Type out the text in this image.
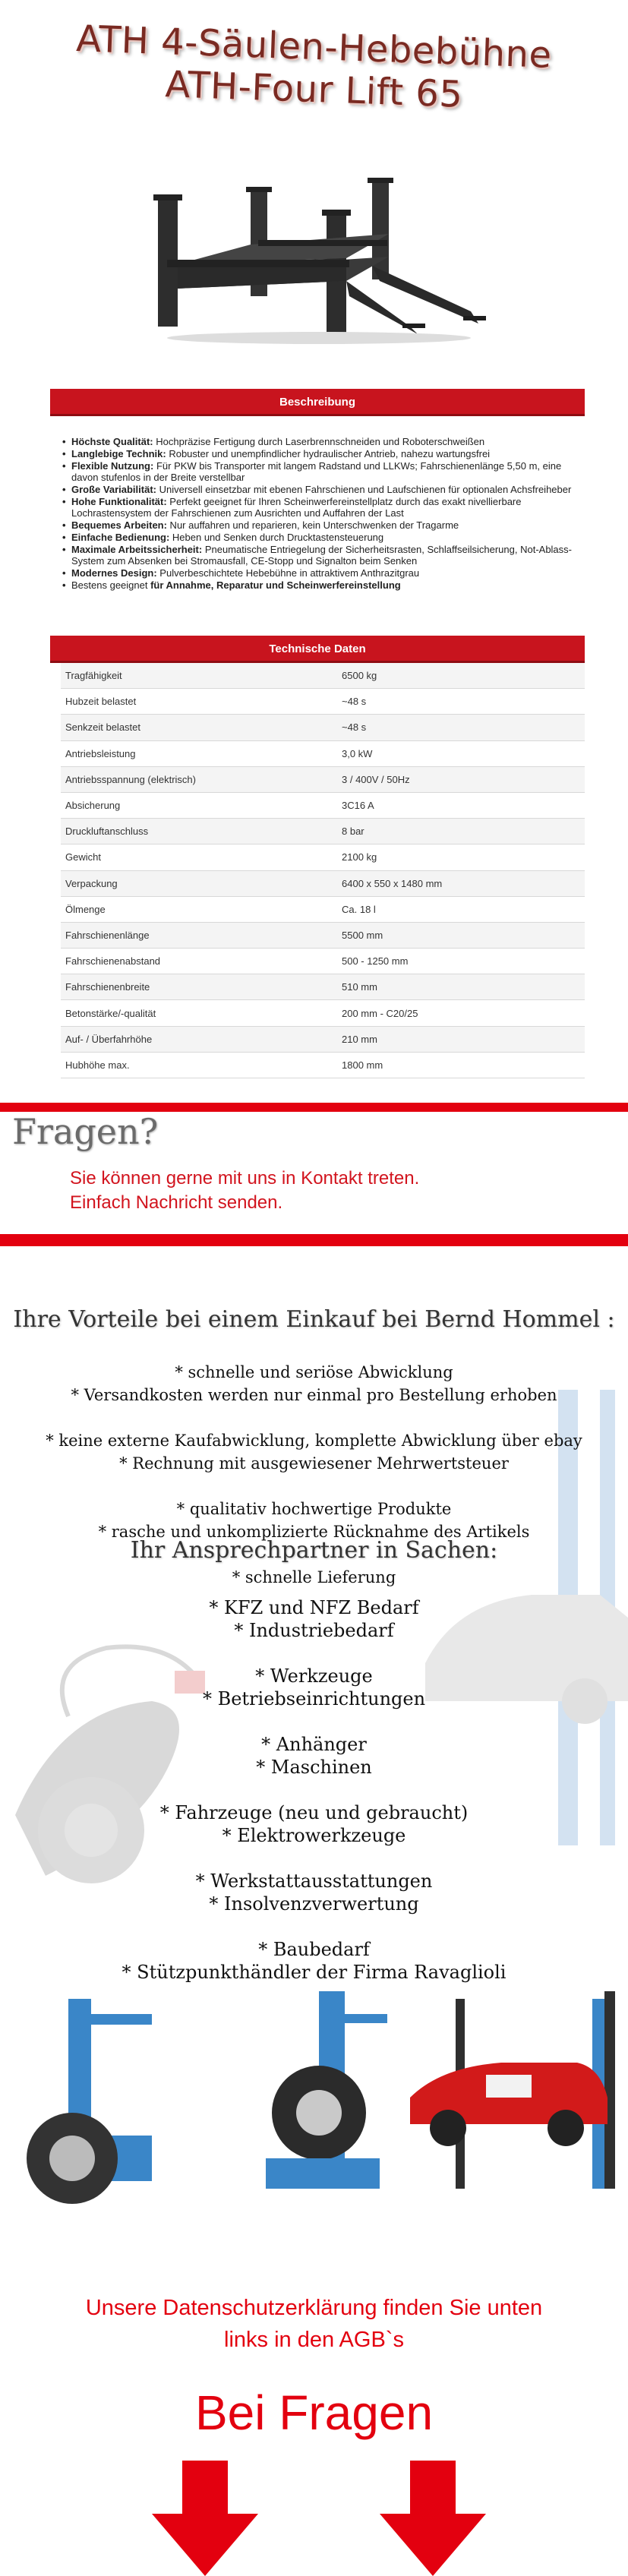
ATH 4-Säulen-Hebebühne
ATH-Four Lift 65
Beschreibung
• Höchste Qualität: Hochpräzise Fertigung durch Laserbrennschneiden und Roboterschweißen
• Langlebige Technik: Robuster und unempfindlicher hydraulischer Antrieb, nahezu wartungsfrei
• Flexible Nutzung: Für PKW bis Transporter mit langem Radstand und LLKWs; Fahrschienenlänge 5,50 m, eine davon stufenlos in der Breite verstellbar
• Große Variabilität: Universell einsetzbar mit ebenen Fahrschienen und Laufschienen für optionalen Achsfreiheber
• Hohe Funktionalität: Perfekt geeignet für Ihren Scheinwerfereinstellplatz durch das exakt nivellierbare Lochrastensystem der Fahrschienen zum Ausrichten und Auffahren der Last
• Bequemes Arbeiten: Nur auffahren und reparieren, kein Unterschwenken der Tragarme
• Einfache Bedienung: Heben und Senken durch Drucktastensteuerung
• Maximale Arbeitssicherheit: Pneumatische Entriegelung der Sicherheitsrasten, Schlaffseilsicherung, Not-Ablass-System zum Absenken bei Stromausfall, CE-Stopp und Signalton beim Senken
• Modernes Design: Pulverbeschichtete Hebebühne in attraktivem Anthrazitgrau
• Bestens geeignet für Annahme, Reparatur und Scheinwerfereinstellung
Technische Daten
Tragfähigkeit	6500 kg
Hubzeit belastet	~48 s
Senkzeit belastet	~48 s
Antriebsleistung	3,0 kW
Antriebsspannung (elektrisch)	3 / 400V / 50Hz
Absicherung	3C16 A
Druckluftanschluss	8 bar
Gewicht	2100 kg
Verpackung	6400 x 550 x 1480 mm
Ölmenge	Ca. 18 l
Fahrschienenlänge	5500 mm
Fahrschienenabstand	500 - 1250 mm
Fahrschienenbreite	510 mm
Betonstärke/-qualität	200 mm - C20/25
Auf- / Überfahrhöhe	210 mm
Hubhöhe max.	1800 mm
Fragen?
Sie können gerne mit uns in Kontakt treten.
Einfach Nachricht senden.
Ihre Vorteile bei einem Einkauf bei Bernd Hommel :
* schnelle und seriöse Abwicklung
* Versandkosten werden nur einmal pro Bestellung erhoben
* keine externe Kaufabwicklung, komplette Abwicklung über ebay
* Rechnung mit ausgewiesener Mehrwertsteuer
* qualitativ hochwertige Produkte
* rasche und unkomplizierte Rücknahme des Artikels
* schnelle Lieferung
Ihr Ansprechpartner in Sachen:
* KFZ und NFZ Bedarf
* Industriebedarf
* Werkzeuge
* Betriebseinrichtungen
* Anhänger
* Maschinen
* Fahrzeuge (neu und gebraucht)
* Elektrowerkzeuge
* Werkstattausstattungen
* Insolvenzverwertung
* Baubedarf
* Stützpunkthändler der Firma Ravaglioli
Unsere Datenschutzerklärung finden Sie unten
links in den AGB`s
Bei Fragen
